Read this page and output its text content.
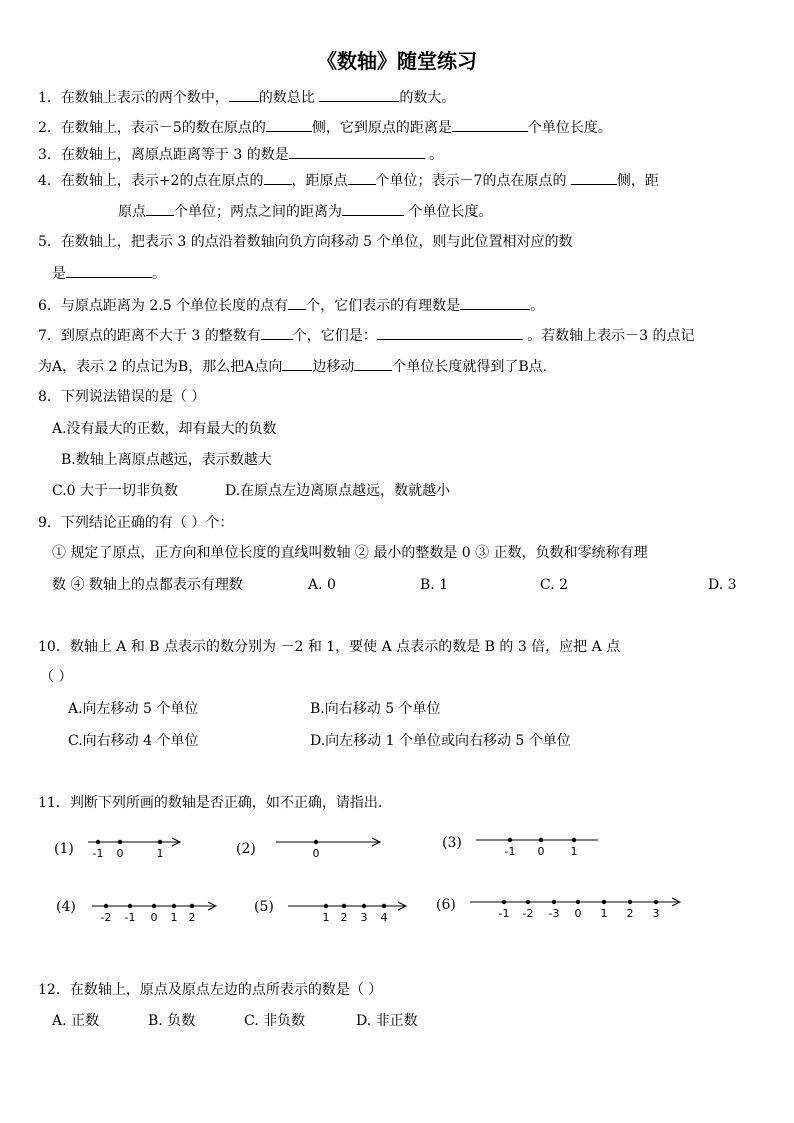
《数轴》随堂练习
1．在数轴上表示的两个数中， 的数总比	的数大。
2．在数轴上，表示－5的数在原点的	侧，它到原点的距离是	个单位长度。
3．在数轴上，离原点距离等于 3 的数是	。
4．在数轴上，表示+2的点在原点的 ，距原点 个单位；表示－7的点在原点的	侧，距
原点 个单位；两点之间的距离为	个单位长度。
5．在数轴上，把表示 3 的点沿着数轴向负方向移动 5 个单位，则与此位置相对应的数
是	。
6．与原点距离为 2.5 个单位长度的点有 个，它们表示的有理数是	。
7．到原点的距离不大于 3 的整数有 个，它们是：	。若数轴上表示－3 的点记
为A，表示 2 的点记为B，那么把A点向 边移动	个单位长度就得到了B点.
8．下列说法错误的是（ ）
A.没有最大的正数，却有最大的负数
B.数轴上离原点越远，表示数越大
C.0 大于一切非负数	D.在原点左边离原点越远，数就越小
9．下列结论正确的有（ ）个：
① 规定了原点，正方向和单位长度的直线叫数轴 ② 最小的整数是 0 ③ 正数，负数和零统称有理
数 ④ 数轴上的点都表示有理数	A. 0	B. 1	C. 2	D. 3
10．数轴上 A 和 B 点表示的数分别为 －2 和 1，要使 A 点表示的数是 B 的 3 倍，应把 A 点
（ ）
A.向左移动 5 个单位	B.向右移动 5 个单位
C.向右移动 4 个单位	D.向左移动 1 个单位或向右移动 5 个单位
11．判断下列所画的数轴是否正确，如不正确，请指出.
(1) -1 0	1	(2)	0
(3)
-1 0 1
(4)
-2 -1 0 1 2
(5)
1 2 3 4
(6)
-1 -2 -3 0 1 2 3
12．在数轴上，原点及原点左边的点所表示的数是（ ）
A. 正数	B. 负数	C. 非负数	D. 非正数
